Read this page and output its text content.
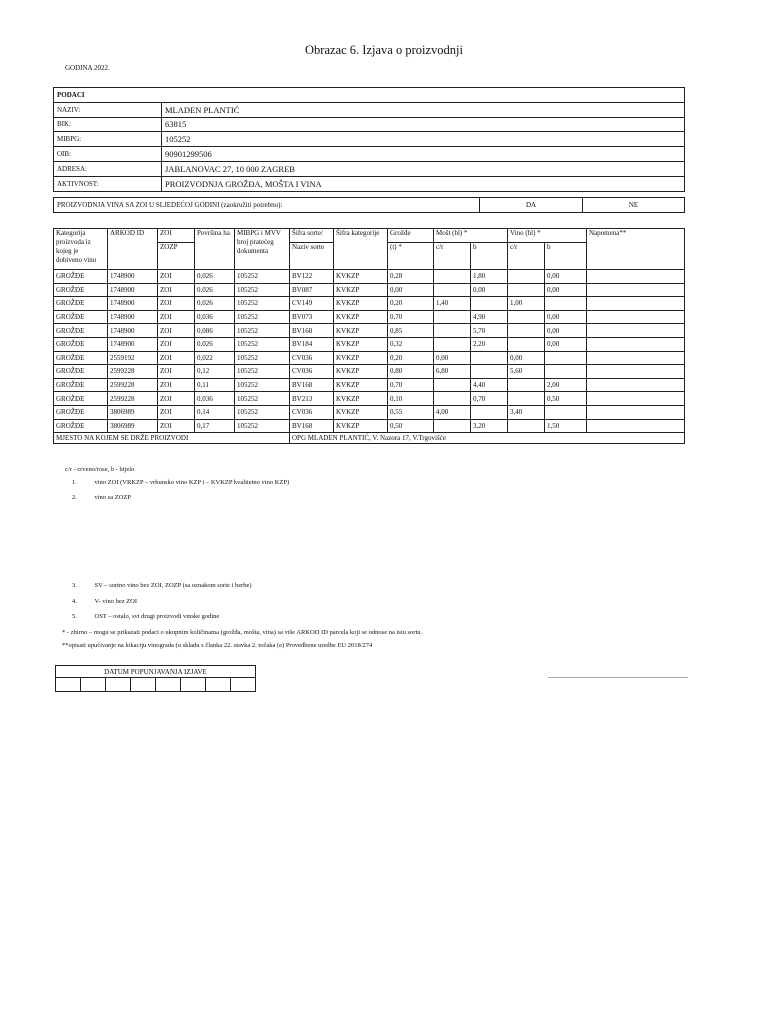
Obrazac 6. Izjava o proizvodnji
GODINA 2022.
PODACI	
NAZIV:	MLADEN PLANTIĆ
BIK:	63815
MIBPG:	105252
OIB:	90901299506
ADRESA:	JABLANOVAC 27, 10 000 ZAGREB
AKTIVNOST:	PROIZVODNJA GROŽĐA, MOŠTA I VINA
PROIZVODNJA VINA SA ZOI U SLJEDEĆOJ GODINI (zaokružiti potrebno):	DA	NE
Kategorija proizvoda iz kojeg je dobiveno vino	ARKOD ID	ZOI	Površina ha	MIBPG i MVV broj pratećeg dokumenta	Šifra sorte/	Šifra kategorije	Grožđe	Mošt (hl) *		Vino (hl) *		Napomena**
		ZOZP			Naziv sorte		(t) *	c/r	b	c/r	b	
GROŽĐE	1748900	ZOI	0,026	105252	BV122	KVKZP	0,28		1,80		0,00	
GROŽĐE	1748900	ZOI	0,026	105252	BV087	KVKZP	0,00		0,00		0,00	
GROŽĐE	1748900	ZOI	0,026	105252	CV149	KVKZP	0,20	1,40		1,00		
GROŽĐE	1748900	ZOI	0,036	105252	BV073	KVKZP	0,70		4,90		0,00	
GROŽĐE	1748900	ZOI	0,086	105252	BV168	KVKZP	0,85		5,70		0,00	
GROŽĐE	1748900	ZOI	0,026	105252	BV184	KVKZP	0,32		2,20		0,00	
GROŽĐE	2559192	ZOI	0,022	105252	CV036	KVKZP	0,20	0,00		0,00		
GROŽĐE	2599228	ZOI	0,12	105252	CV036	KVKZP	0,80	6,80		5,60		
GROŽĐE	2599228	ZOI	0,11	105252	BV168	KVKZP	0,70		4,40		2,00	
GROŽĐE	2599228	ZOI	0,036	105252	BV213	KVKZP	0,10		0,70		0,50	
GROŽĐE	3806989	ZOI	0,14	105252	CV036	KVKZP	0,55	4,00		3,40		
GROŽĐE	3806989	ZOI	0,17	105252	BV168	KVKZP	0,50		3,20		1,50	
MJESTO NA KOJEM SE DRŽE PROIZVODI					OPG MLADEN PLANTIĆ, V. Nazora 17, V.Trgovišće							
c/r - crveno/rose, b - bijelo
1.	vino ZOI (VRKZP – vrhunsko vino KZP i – KVKZP kvalitetno vino KZP)
2.	vino sa ZOZP
3.	SV – sortno vino bez ZOI, ZOZP (sa oznakom sorte i berbe)
4.	V- vino bez ZOI
5.	OST – ostalo, svi drugi proizvodi vinske godine
* - zbirno – mogu se prikazati podaci o ukupnim količinama (grožđa, mošta, vina) sa više ARKOD ID parcela koji se odnose na istu sortu.
**opisati upućivanje na lokaciju vinograda (u skladu s člankа 22. stavka 2. točaka (e) Provedbene uredbe EU 2018/274
DATUM POPUNJAVANJA IZJAVE
